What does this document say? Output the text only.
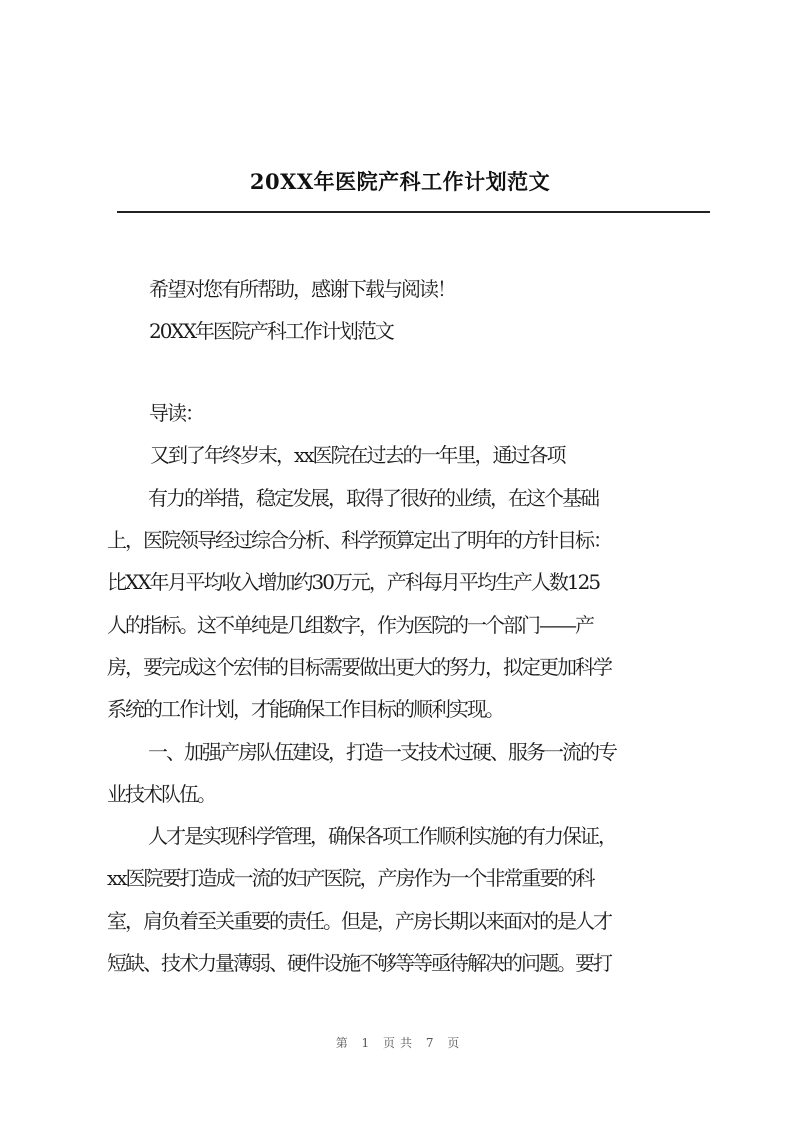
20XX年医院产科工作计划范文
希望对您有所帮助，感谢下载与阅读！
20XX年医院产科工作计划范文
导读：
又到了年终岁末，xx医院在过去的一年里，通过各项
有力的举措，稳定发展，取得了很好的业绩，在这个基础
上，医院领导经过综合分析、科学预算定出了明年的方针目标：
比XX年月平均收入增加约30万元，产科每月平均生产人数125
人的指标。这不单纯是几组数字，作为医院的一个部门——产
房，要完成这个宏伟的目标需要做出更大的努力，拟定更加科学
系统的工作计划，才能确保工作目标的顺利实现。
一、加强产房队伍建设，打造一支技术过硬、服务一流的专
业技术队伍。
人才是实现科学管理，确保各项工作顺利实施的有力保证，
xx医院要打造成一流的妇产医院，产房作为一个非常重要的科
室，肩负着至关重要的责任。但是，产房长期以来面对的是人才
短缺、技术力量薄弱、硬件设施不够等等亟待解决的问题。要打
第 1 页共 7 页
